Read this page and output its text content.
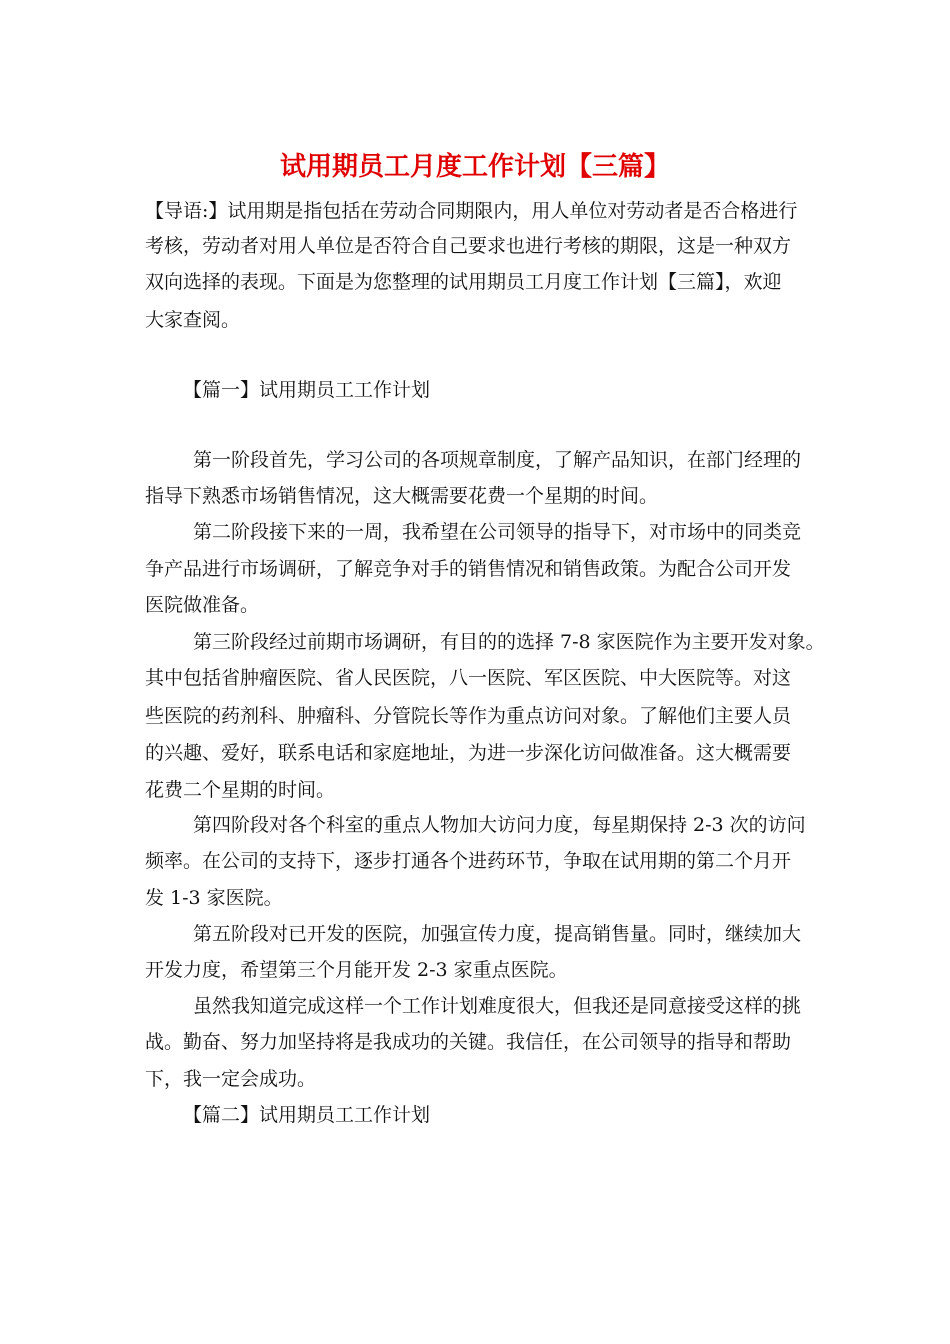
试用期员工月度工作计划【三篇】
【导语:】试用期是指包括在劳动合同期限内，用人单位对劳动者是否合格进行
考核，劳动者对用人单位是否符合自己要求也进行考核的期限，这是一种双方
双向选择的表现。下面是为您整理的试用期员工月度工作计划【三篇】，欢迎
大家查阅。
【篇一】试用期员工工作计划
第一阶段首先，学习公司的各项规章制度，了解产品知识，在部门经理的
指导下熟悉市场销售情况，这大概需要花费一个星期的时间。
第二阶段接下来的一周，我希望在公司领导的指导下，对市场中的同类竞
争产品进行市场调研，了解竞争对手的销售情况和销售政策。为配合公司开发
医院做准备。
第三阶段经过前期市场调研，有目的的选择 7-8 家医院作为主要开发对象。
其中包括省肿瘤医院、省人民医院，八一医院、军区医院、中大医院等。对这
些医院的药剂科、肿瘤科、分管院长等作为重点访问对象。了解他们主要人员
的兴趣、爱好，联系电话和家庭地址，为进一步深化访问做准备。这大概需要
花费二个星期的时间。
第四阶段对各个科室的重点人物加大访问力度，每星期保持 2-3 次的访问
频率。在公司的支持下，逐步打通各个进药环节，争取在试用期的第二个月开
发 1-3 家医院。
第五阶段对已开发的医院，加强宣传力度，提高销售量。同时，继续加大
开发力度，希望第三个月能开发 2-3 家重点医院。
虽然我知道完成这样一个工作计划难度很大，但我还是同意接受这样的挑
战。勤奋、努力加坚持将是我成功的关键。我信任，在公司领导的指导和帮助
下，我一定会成功。
【篇二】试用期员工工作计划
